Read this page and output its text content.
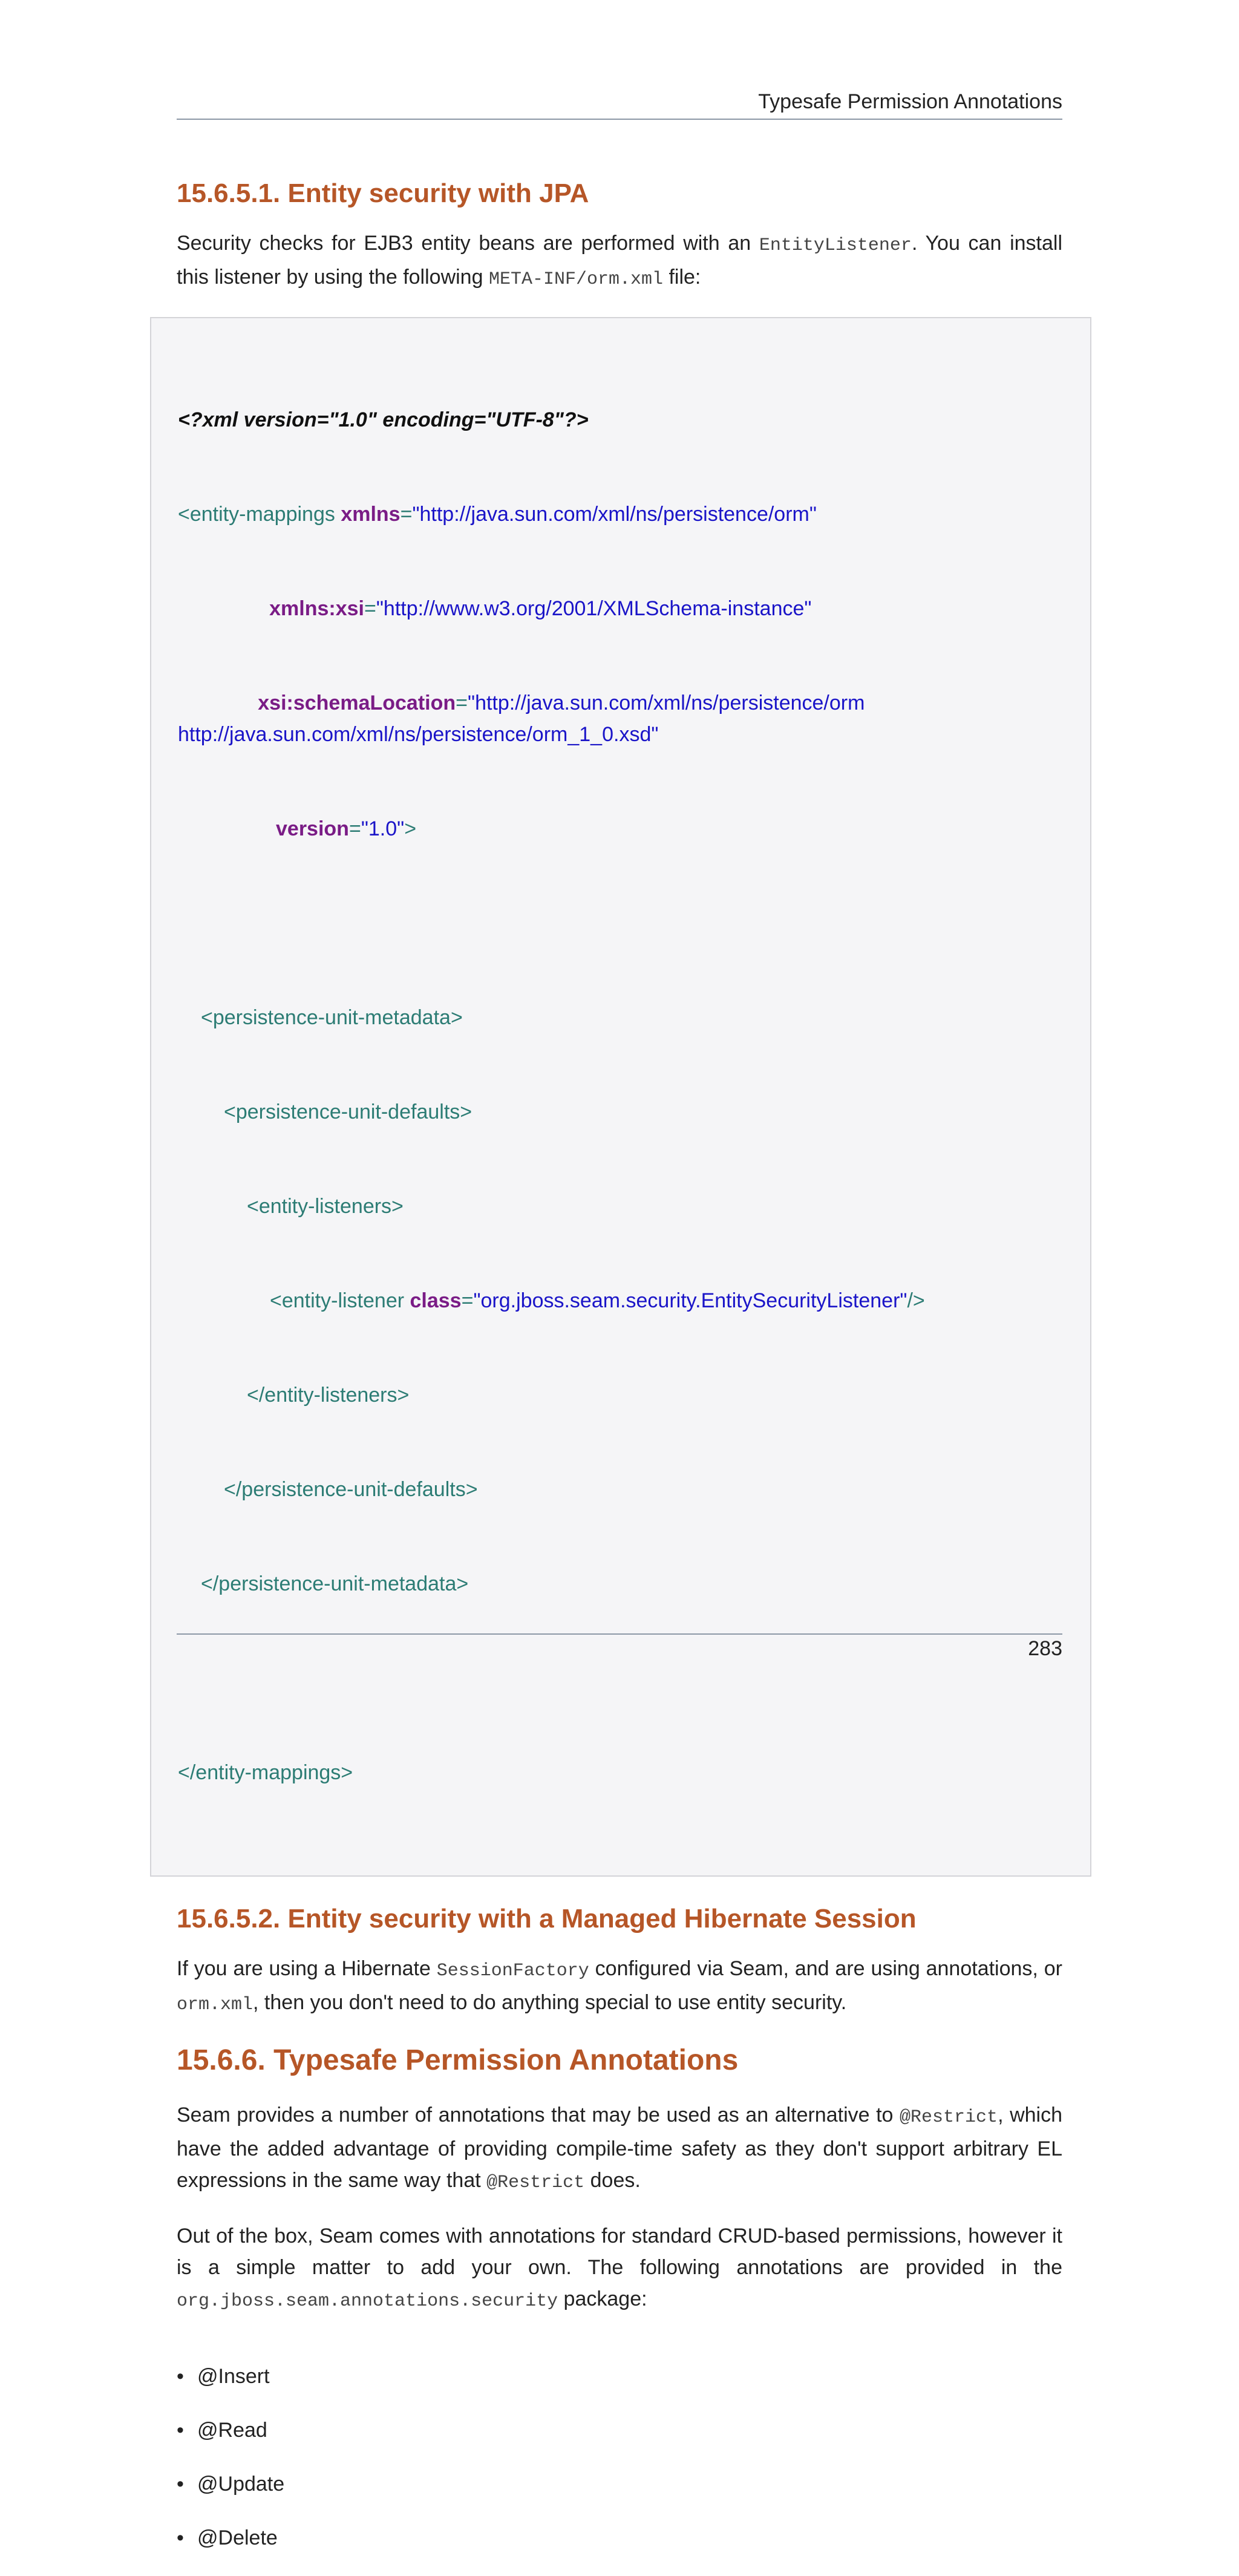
Typesafe Permission Annotations
15.6.5.1. Entity security with JPA

Security checks for EJB3 entity beans are performed with an EntityListener. You can install this listener by using the following META-INF/orm.xml file:

<?xml version="1.0" encoding="UTF-8"?>

<entity-mappings xmlns="http://java.sun.com/xml/ns/persistence/orm"

xmlns:xsi="http://www.w3.org/2001/XMLSchema-instance"

xsi:schemaLocation="http://java.sun.com/xml/ns/persistence/orm http://java.sun.com/xml/ns/persistence/orm_1_0.xsd"

version="1.0">

<persistence-unit-metadata>

<persistence-unit-defaults>

<entity-listeners>

<entity-listener class="org.jboss.seam.security.EntitySecurityListener"/>

</entity-listeners>

</persistence-unit-defaults>

</persistence-unit-metadata>

</entity-mappings>

15.6.5.2. Entity security with a Managed Hibernate Session

If you are using a Hibernate SessionFactory configured via Seam, and are using annotations, or orm.xml, then you don't need to do anything special to use entity security.

15.6.6. Typesafe Permission Annotations

Seam provides a number of annotations that may be used as an alternative to @Restrict, which have the added advantage of providing compile-time safety as they don't support arbitrary EL expressions in the same way that @Restrict does.

Out of the box, Seam comes with annotations for standard CRUD-based permissions, however it is a simple matter to add your own. The following annotations are provided in the org.jboss.seam.annotations.security package:

• @Insert
• @Read
• @Update
• @Delete
283
